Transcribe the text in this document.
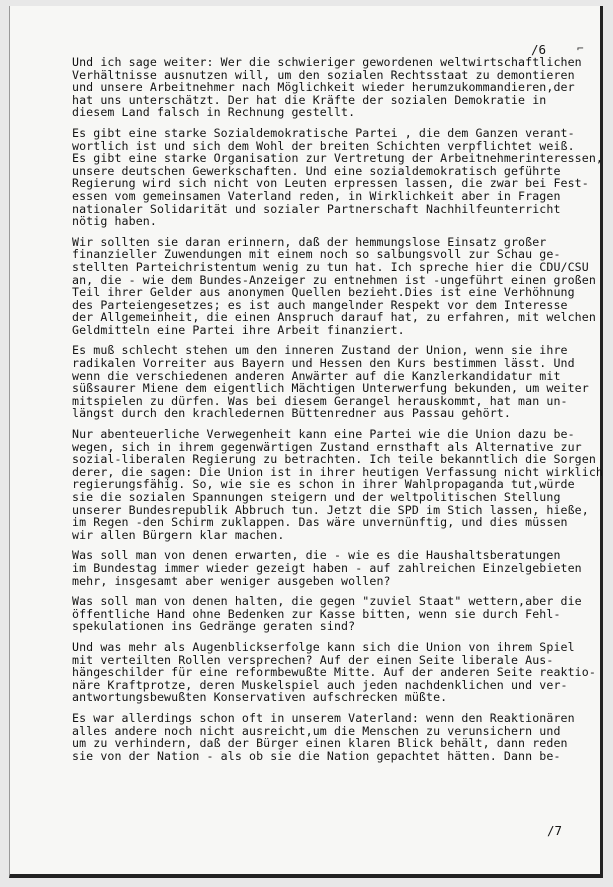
/6	⌐
Und ich sage weiter: Wer die schwieriger gewordenen weltwirtschaftlichen
Verhältnisse ausnutzen will, um den sozialen Rechtsstaat zu demontieren
und unsere Arbeitnehmer nach Möglichkeit wieder herumzukommandieren,der
hat uns unterschätzt. Der hat die Kräfte der sozialen Demokratie in
diesem Land falsch in Rechnung gestellt.
Es gibt eine starke Sozialdemokratische Partei , die dem Ganzen verant-
wortlich ist und sich dem Wohl der breiten Schichten verpflichtet weiß.
Es gibt eine starke Organisation zur Vertretung der Arbeitnehmerinteressen,
unsere deutschen Gewerkschaften. Und eine sozialdemokratisch geführte
Regierung wird sich nicht von Leuten erpressen lassen, die zwar bei Fest-
essen vom gemeinsamen Vaterland reden, in Wirklichkeit aber in Fragen
nationaler Solidarität und sozialer Partnerschaft Nachhilfeunterricht
nötig haben.
Wir sollten sie daran erinnern, daß der hemmungslose Einsatz großer
finanzieller Zuwendungen mit einem noch so salbungsvoll zur Schau ge-
stellten Parteichristentum wenig zu tun hat. Ich spreche hier die CDU/CSU
an, die - wie dem Bundes-Anzeiger zu entnehmen ist -ungeführt einen großen
Teil ihrer Gelder aus anonymen Quellen bezieht.Dies ist eine Verhöhnung
des Parteiengesetzes; es ist auch mangelnder Respekt vor dem Interesse
der Allgemeinheit, die einen Anspruch darauf hat, zu erfahren, mit welchen
Geldmitteln eine Partei ihre Arbeit finanziert.
Es muß schlecht stehen um den inneren Zustand der Union, wenn sie ihre
radikalen Vorreiter aus Bayern und Hessen den Kurs bestimmen lässt. Und
wenn die verschiedenen anderen Anwärter auf die Kanzlerkandidatur mit
süßsaurer Miene dem eigentlich Mächtigen Unterwerfung bekunden, um weiter
mitspielen zu dürfen. Was bei diesem Gerangel herauskommt, hat man un-
längst durch den krachledernen Büttenredner aus Passau gehört.
Nur abenteuerliche Verwegenheit kann eine Partei wie die Union dazu be-
wegen, sich in ihrem gegenwärtigen Zustand ernsthaft als Alternative zur
sozial-liberalen Regierung zu betrachten. Ich teile bekanntlich die Sorgen
derer, die sagen: Die Union ist in ihrer heutigen Verfassung nicht wirklich
regierungsfähig. So, wie sie es schon in ihrer Wahlpropaganda tut,würde
sie die sozialen Spannungen steigern und der weltpolitischen Stellung
unserer Bundesrepublik Abbruch tun. Jetzt die SPD im Stich lassen, hieße,
im Regen ‑den Schirm zuklappen. Das wäre unvernünftig, und dies müssen
wir allen Bürgern klar machen.
Was soll man von denen erwarten, die - wie es die Haushaltsberatungen
im Bundestag immer wieder gezeigt haben - auf zahlreichen Einzelgebieten
mehr, insgesamt aber weniger ausgeben wollen?
Was soll man von denen halten, die gegen "zuviel Staat" wettern,aber die
öffentliche Hand ohne Bedenken zur Kasse bitten, wenn sie durch Fehl-
spekulationen ins Gedränge geraten sind?
Und was mehr als Augenblickserfolge kann sich die Union von ihrem Spiel
mit verteilten Rollen versprechen? Auf der einen Seite liberale Aus-
hängeschilder für eine reformbewußte Mitte. Auf der anderen Seite reaktio-
näre Kraftprotze, deren Muskelspiel auch jeden nachdenklichen und ver-
antwortungsbewußten Konservativen aufschrecken müßte.
Es war allerdings schon oft in unserem Vaterland: wenn den Reaktionären
alles andere noch nicht ausreicht,um die Menschen zu verunsichern und
um zu verhindern, daß der Bürger einen klaren Blick behält, dann reden
sie von der Nation - als ob sie die Nation gepachtet hätten. Dann be-
/7
